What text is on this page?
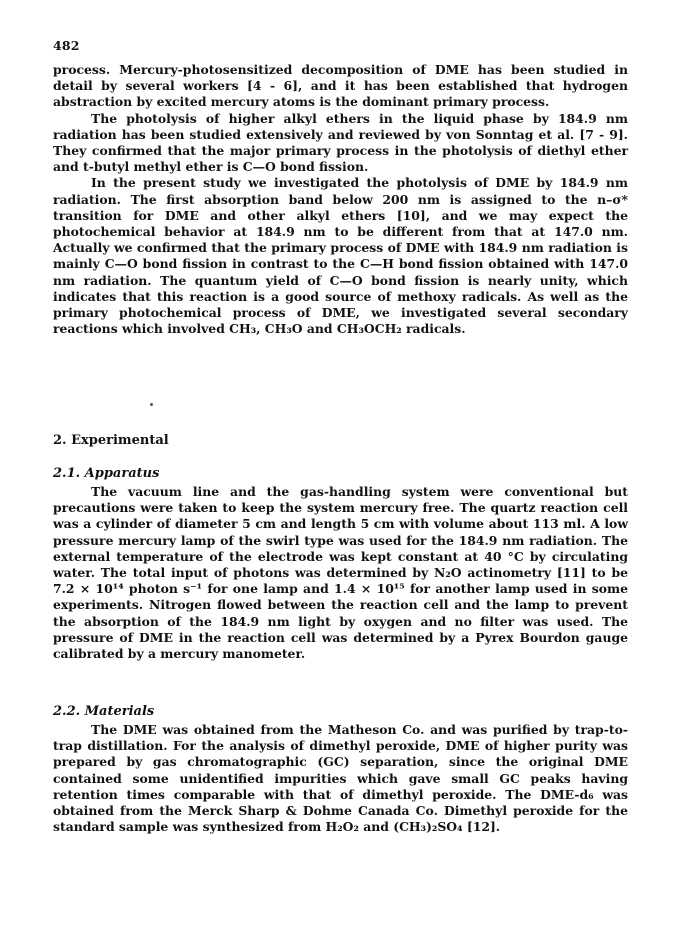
482

process. Mercury-photosensitized decomposition of DME has been studied in detail by several workers [4 - 6], and it has been established that hydrogen abstraction by excited mercury atoms is the dominant primary process.

The photolysis of higher alkyl ethers in the liquid phase by 184.9 nm radiation has been studied extensively and reviewed by von Sonntag et al. [7 - 9]. They confirmed that the major primary process in the photolysis of diethyl ether and t-butyl methyl ether is C—O bond fission.

In the present study we investigated the photolysis of DME by 184.9 nm radiation. The first absorption band below 200 nm is assigned to the n–σ* transition for DME and other alkyl ethers [10], and we may expect the photochemical behavior at 184.9 nm to be different from that at 147.0 nm. Actually we confirmed that the primary process of DME with 184.9 nm radiation is mainly C—O bond fission in contrast to the C—H bond fission obtained with 147.0 nm radiation. The quantum yield of C—O bond fission is nearly unity, which indicates that this reaction is a good source of methoxy radicals. As well as the primary photochemical process of DME, we investigated several secondary reactions which involved CH₃, CH₃O and CH₃OCH₂ radicals.

2. Experimental
2.1. Apparatus

The vacuum line and the gas-handling system were conventional but precautions were taken to keep the system mercury free. The quartz reaction cell was a cylinder of diameter 5 cm and length 5 cm with volume about 113 ml. A low pressure mercury lamp of the swirl type was used for the 184.9 nm radiation. The external temperature of the electrode was kept constant at 40 °C by circulating water. The total input of photons was determined by N₂O actinometry [11] to be 7.2 × 10¹⁴ photon s⁻¹ for one lamp and 1.4 × 10¹⁵ for another lamp used in some experiments. Nitrogen flowed between the reaction cell and the lamp to prevent the absorption of the 184.9 nm light by oxygen and no filter was used. The pressure of DME in the reaction cell was determined by a Pyrex Bourdon gauge calibrated by a mercury manometer.

2.2. Materials

The DME was obtained from the Matheson Co. and was purified by trap-to-trap distillation. For the analysis of dimethyl peroxide, DME of higher purity was prepared by gas chromatographic (GC) separation, since the original DME contained some unidentified impurities which gave small GC peaks having retention times comparable with that of dimethyl peroxide. The DME-d₆ was obtained from the Merck Sharp & Dohme Canada Co. Dimethyl peroxide for the standard sample was synthesized from H₂O₂ and (CH₃)₂SO₄ [12].
